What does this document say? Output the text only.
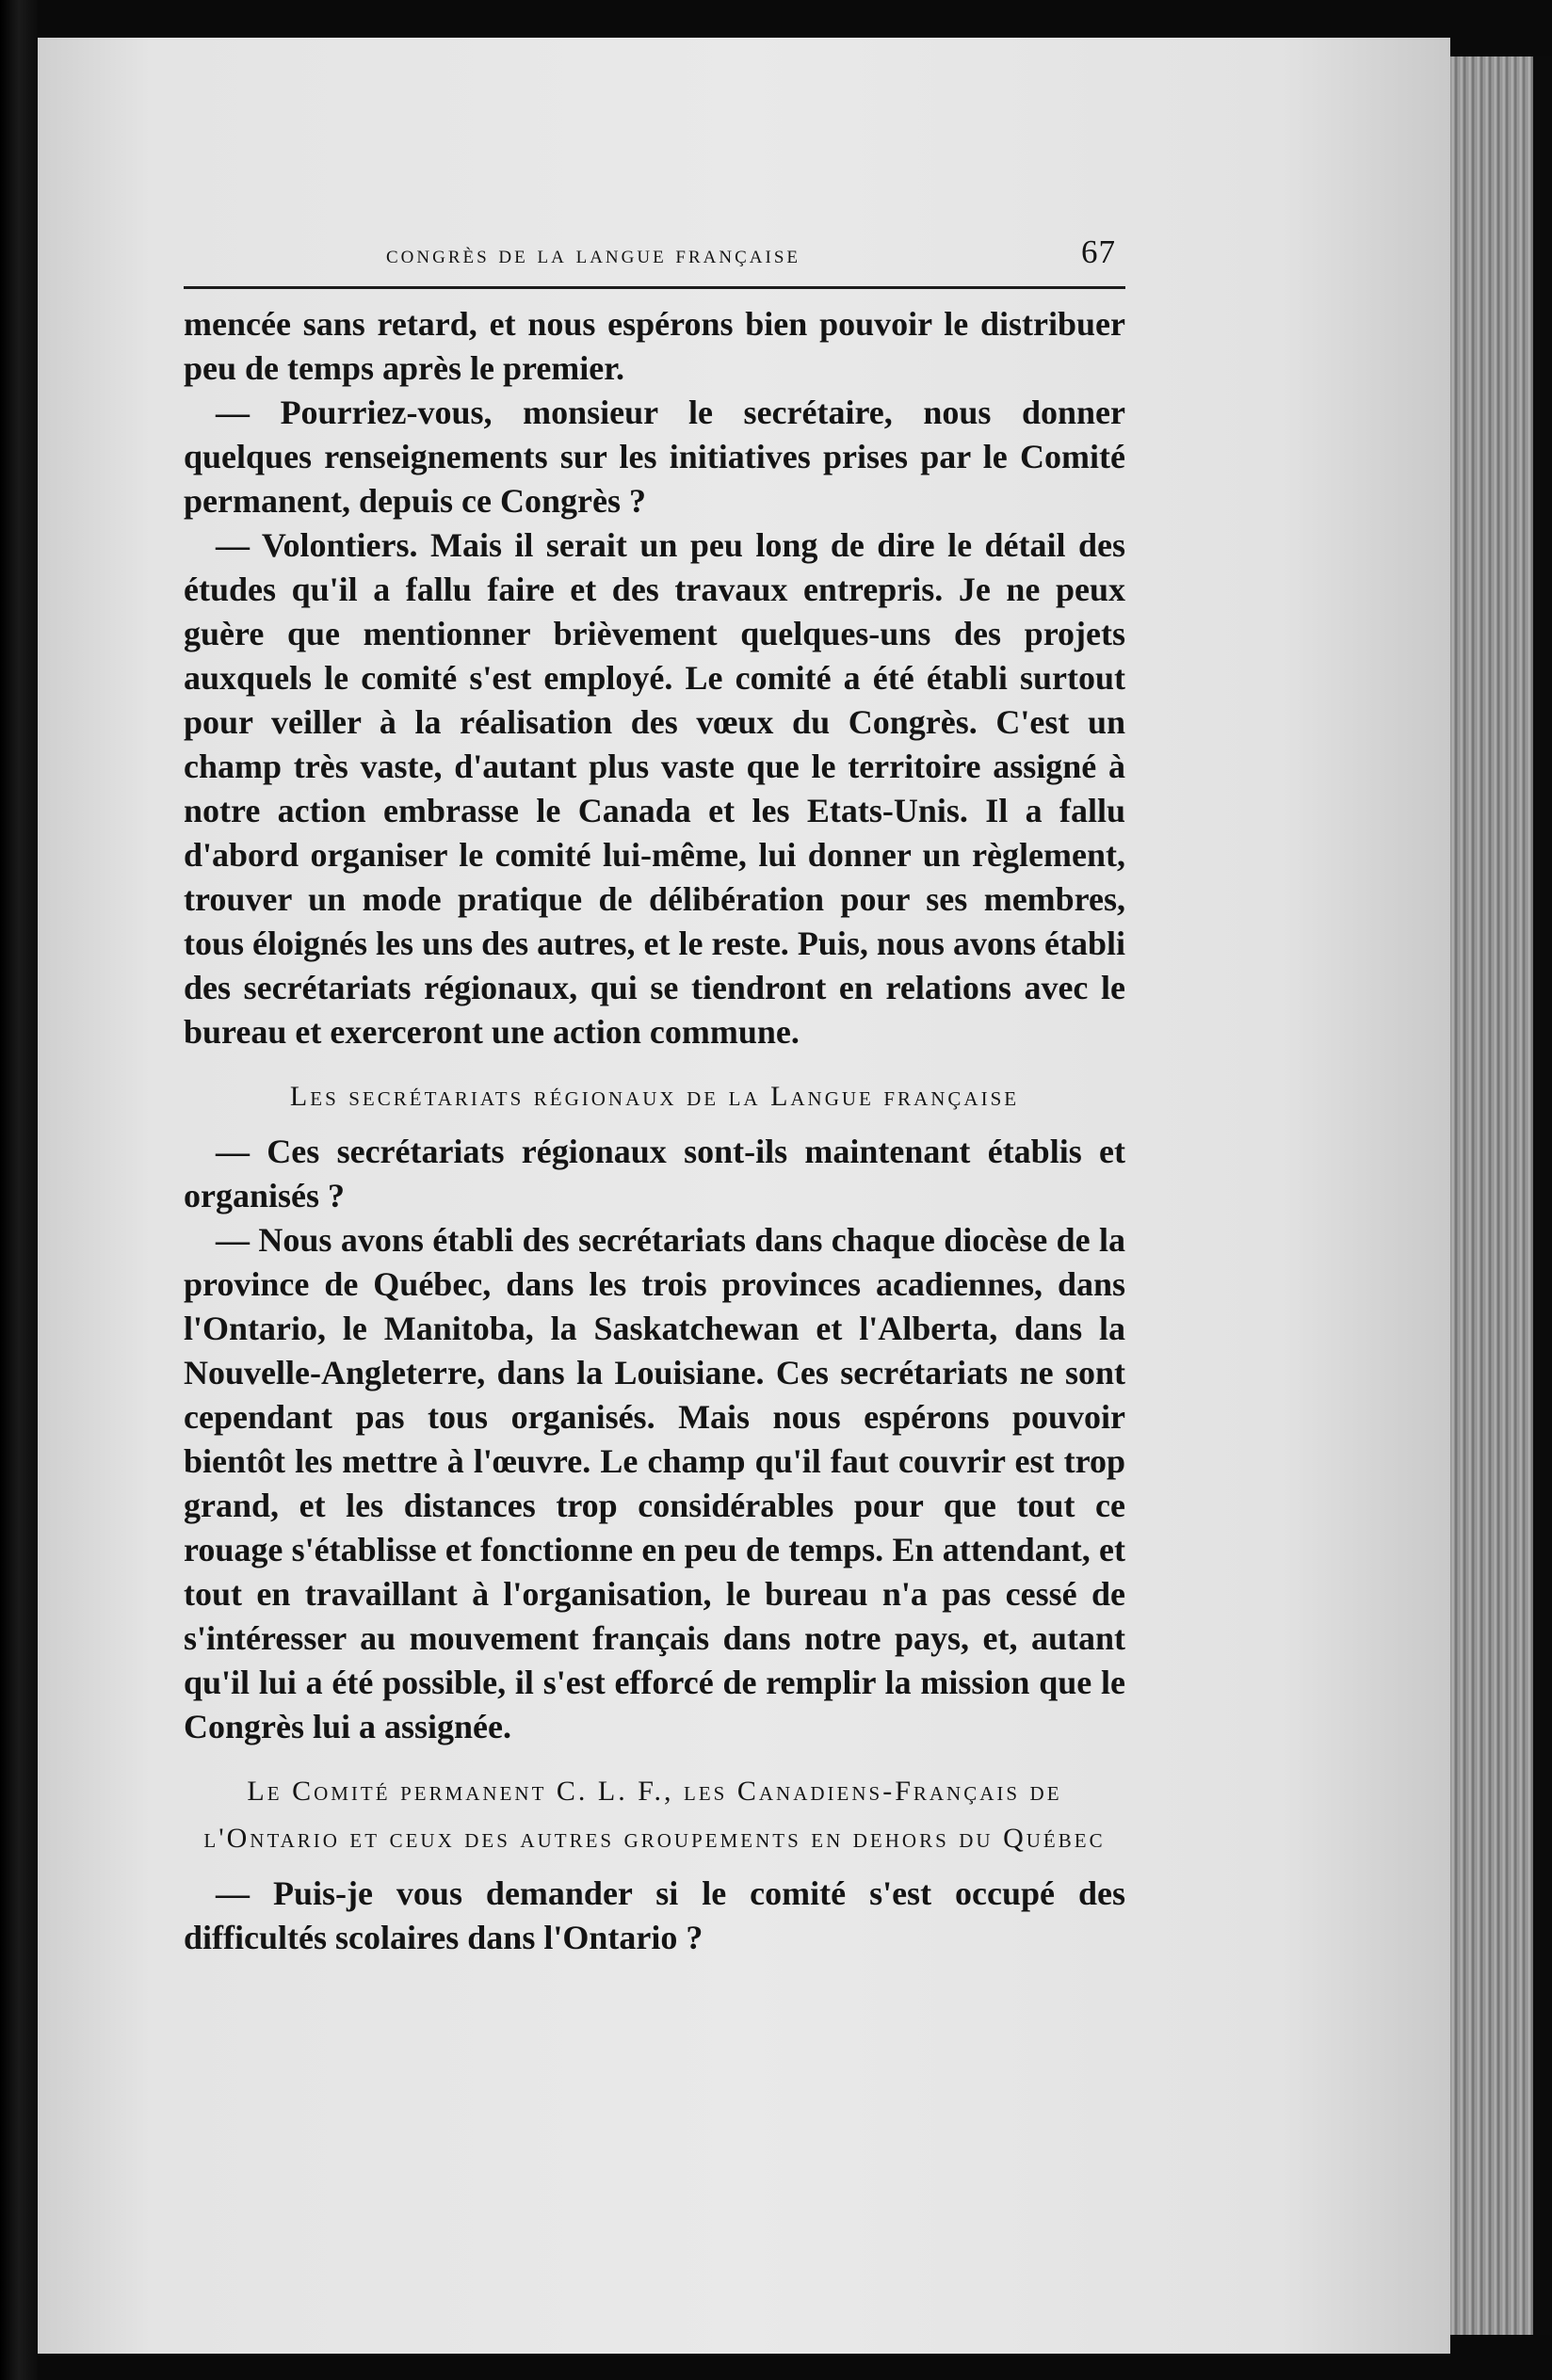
congrès de la langue française	67

mencée sans retard, et nous espérons bien pouvoir le distribuer peu de temps après le premier.

— Pourriez-vous, monsieur le secrétaire, nous donner quelques renseignements sur les initiatives prises par le Comité permanent, depuis ce Congrès ?

— Volontiers. Mais il serait un peu long de dire le détail des études qu'il a fallu faire et des travaux entrepris. Je ne peux guère que mentionner brièvement quelques-uns des projets auxquels le comité s'est employé. Le comité a été établi surtout pour veiller à la réalisation des vœux du Congrès. C'est un champ très vaste, d'autant plus vaste que le territoire assigné à notre action embrasse le Canada et les Etats-Unis. Il a fallu d'abord organiser le comité lui-même, lui donner un règlement, trouver un mode pratique de délibération pour ses membres, tous éloignés les uns des autres, et le reste. Puis, nous avons établi des secrétariats régionaux, qui se tiendront en relations avec le bureau et exerceront une action commune.

Les secrétariats régionaux de la Langue française

— Ces secrétariats régionaux sont-ils maintenant établis et organisés ?

— Nous avons établi des secrétariats dans chaque diocèse de la province de Québec, dans les trois provinces acadiennes, dans l'Ontario, le Manitoba, la Saskatchewan et l'Alberta, dans la Nouvelle-Angleterre, dans la Louisiane. Ces secrétariats ne sont cependant pas tous organisés. Mais nous espérons pouvoir bientôt les mettre à l'œuvre. Le champ qu'il faut couvrir est trop grand, et les distances trop considérables pour que tout ce rouage s'établisse et fonctionne en peu de temps. En attendant, et tout en travaillant à l'organisation, le bureau n'a pas cessé de s'intéresser au mouvement français dans notre pays, et, autant qu'il lui a été possible, il s'est efforcé de remplir la mission que le Congrès lui a assignée.

Le Comité permanent C. L. F., les Canadiens-Français de l'Ontario et ceux des autres groupements en dehors du Québec

— Puis-je vous demander si le comité s'est occupé des difficultés scolaires dans l'Ontario ?
